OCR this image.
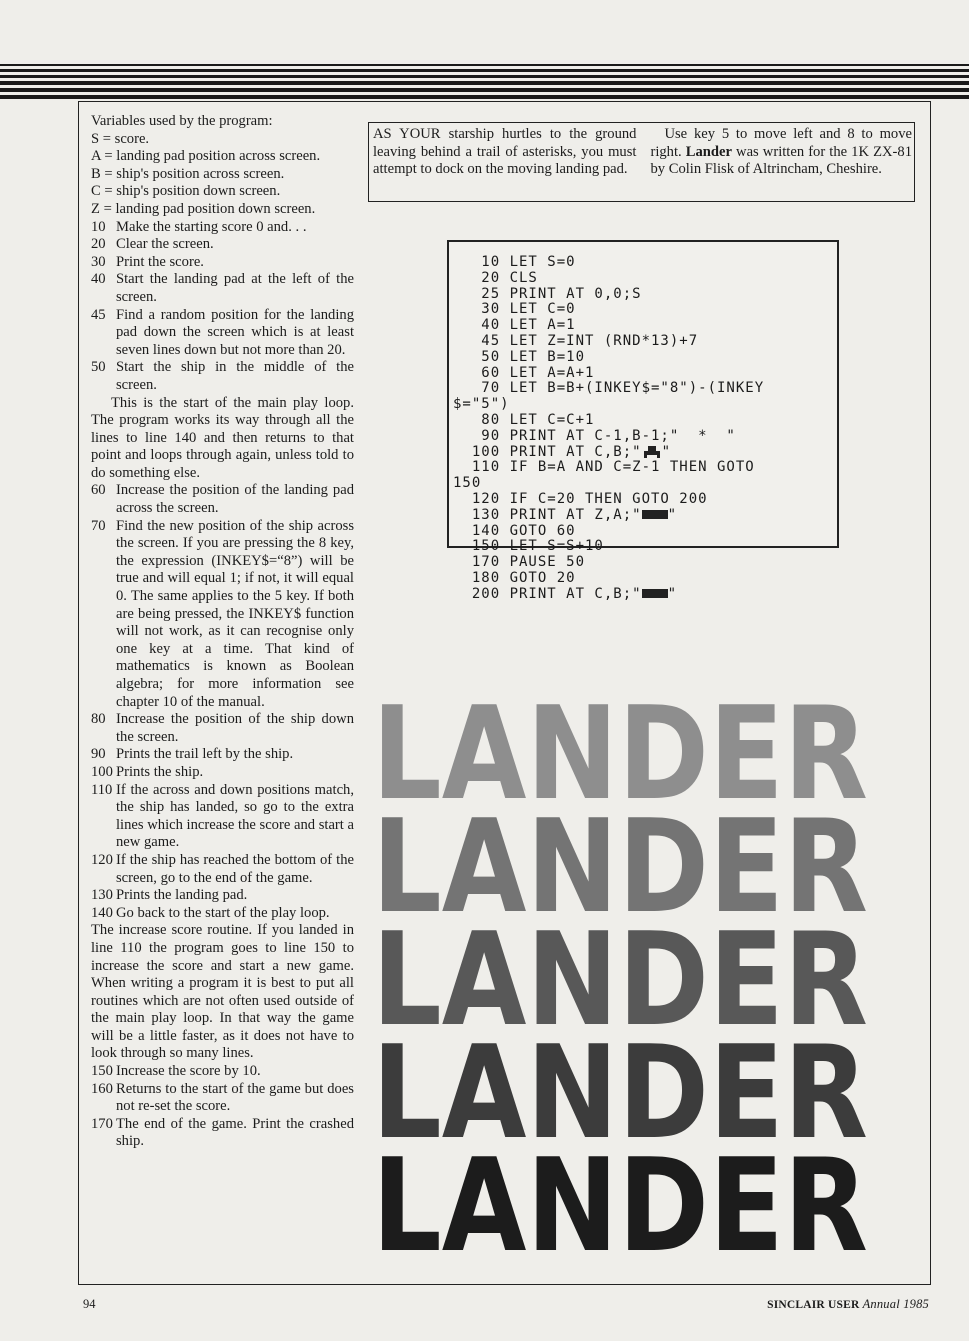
Variables used by the program:

S = score.

A = landing pad position across screen.

B = ship's position across screen.

C = ship's position down screen.

Z = landing pad position down screen.

10 Make the starting score 0 and. . .
20 Clear the screen.
30 Print the score.
40 Start the landing pad at the left of the screen.
45 Find a random position for the landing pad down the screen which is at least seven lines down but not more than 20.
50 Start the ship in the middle of the screen.

This is the start of the main play loop. The program works its way through all the lines to line 140 and then returns to that point and loops through again, unless told to do something else.

60 Increase the position of the landing pad across the screen.
70 Find the new position of the ship across the screen. If you are pressing the 8 key, the expression (INKEY$=“8”) will be true and will equal 1; if not, it will equal 0. The same applies to the 5 key. If both are being pressed, the INKEY$ function will not work, as it can recognise only one key at a time. That kind of mathematics is known as Boolean algebra; for more information see chapter 10 of the manual.
80 Increase the position of the ship down the screen.
90 Prints the trail left by the ship.
100 Prints the ship.
110 If the across and down positions match, the ship has landed, so go to the extra lines which increase the score and start a new game.
120 If the ship has reached the bottom of the screen, go to the end of the game.
130 Prints the landing pad.
140 Go back to the start of the play loop.

The increase score routine. If you landed in line 110 the program goes to line 150 to increase the score and start a new game. When writing a program it is best to put all routines which are not often used outside of the main play loop. In that way the game will be a little faster, as it does not have to look through so many lines.

150 Increase the score by 10.
160 Returns to the start of the game but does not re-set the score.
170 The end of the game. Print the crashed ship.
AS YOUR starship hurtles to the ground leaving behind a trail of asterisks, you must attempt to dock on the moving landing pad.

Use key 5 to move left and 8 to move right. Lander was written for the 1K ZX-81 by Colin Flisk of Altrincham, Cheshire.

10 LET S=0
20 CLS
25 PRINT AT 0,0;S
30 LET C=0
40 LET A=1
45 LET Z=INT (RND*13)+7
50 LET B=10
60 LET A=A+1
70 LET B=B+(INKEY$="8")-(INKEY
$="5")
80 LET C=C+1
90 PRINT AT C-1,B-1;"  *  "
100 PRINT AT C,B;" "
110 IF B=A AND C=Z-1 THEN GOTO
150
120 IF C=20 THEN GOTO 200
130 PRINT AT Z,A;" "
140 GOTO 60
150 LET S=S+10
170 PAUSE 50
180 GOTO 20
200 PRINT AT C,B;" "
LANDER
LANDER
LANDER
LANDER
LANDER
94	SINCLAIR USER Annual 1985
